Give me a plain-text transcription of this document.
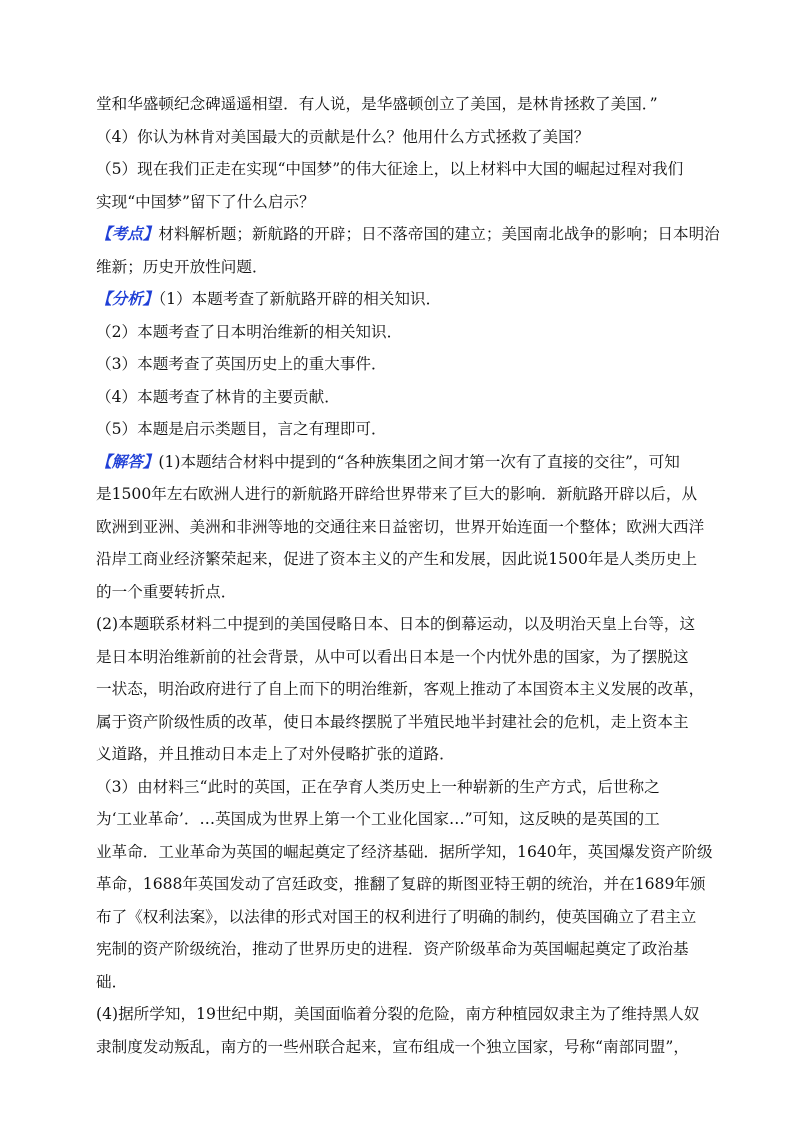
堂和华盛顿纪念碑遥遥相望．有人说，是华盛顿创立了美国，是林肯拯救了美国．”
（4）你认为林肯对美国最大的贡献是什么？他用什么方式拯救了美国？
（5）现在我们正走在实现“中国梦”的伟大征途上，以上材料中大国的崛起过程对我们
实现“中国梦”留下了什么启示？
【考点】材料解析题；新航路的开辟；日不落帝国的建立；美国南北战争的影响；日本明治
维新；历史开放性问题．
【分析】（1）本题考查了新航路开辟的相关知识．
（2）本题考查了日本明治维新的相关知识．
（3）本题考查了英国历史上的重大事件．
（4）本题考查了林肯的主要贡献．
（5）本题是启示类题目，言之有理即可．
【解答】(1)本题结合材料中提到的“各种族集团之间才第一次有了直接的交往”，可知
是1500年左右欧洲人进行的新航路开辟给世界带来了巨大的影响．新航路开辟以后，从
欧洲到亚洲、美洲和非洲等地的交通往来日益密切，世界开始连面一个整体；欧洲大西洋
沿岸工商业经济繁荣起来，促进了资本主义的产生和发展，因此说1500年是人类历史上
的一个重要转折点．
(2)本题联系材料二中提到的美国侵略日本、日本的倒幕运动，以及明治天皇上台等，这
是日本明治维新前的社会背景，从中可以看出日本是一个内忧外患的国家，为了摆脱这
一状态，明治政府进行了自上而下的明治维新，客观上推动了本国资本主义发展的改革，
属于资产阶级性质的改革，使日本最终摆脱了半殖民地半封建社会的危机，走上资本主
义道路，并且推动日本走上了对外侵略扩张的道路．
（3）由材料三“此时的英国，正在孕育人类历史上一种崭新的生产方式，后世称之
为‘工业革命’．…英国成为世界上第一个工业化国家…”可知，这反映的是英国的工
业革命．工业革命为英国的崛起奠定了经济基础．据所学知，1640年，英国爆发资产阶级
革命，1688年英国发动了宫廷政变，推翻了复辟的斯图亚特王朝的统治，并在1689年颁
布了《权利法案》，以法律的形式对国王的权利进行了明确的制约，使英国确立了君主立
宪制的资产阶级统治，推动了世界历史的进程．资产阶级革命为英国崛起奠定了政治基
础．
(4)据所学知，19世纪中期，美国面临着分裂的危险，南方种植园奴隶主为了维持黑人奴
隶制度发动叛乱，南方的一些州联合起来，宣布组成一个独立国家，号称“南部同盟”，
